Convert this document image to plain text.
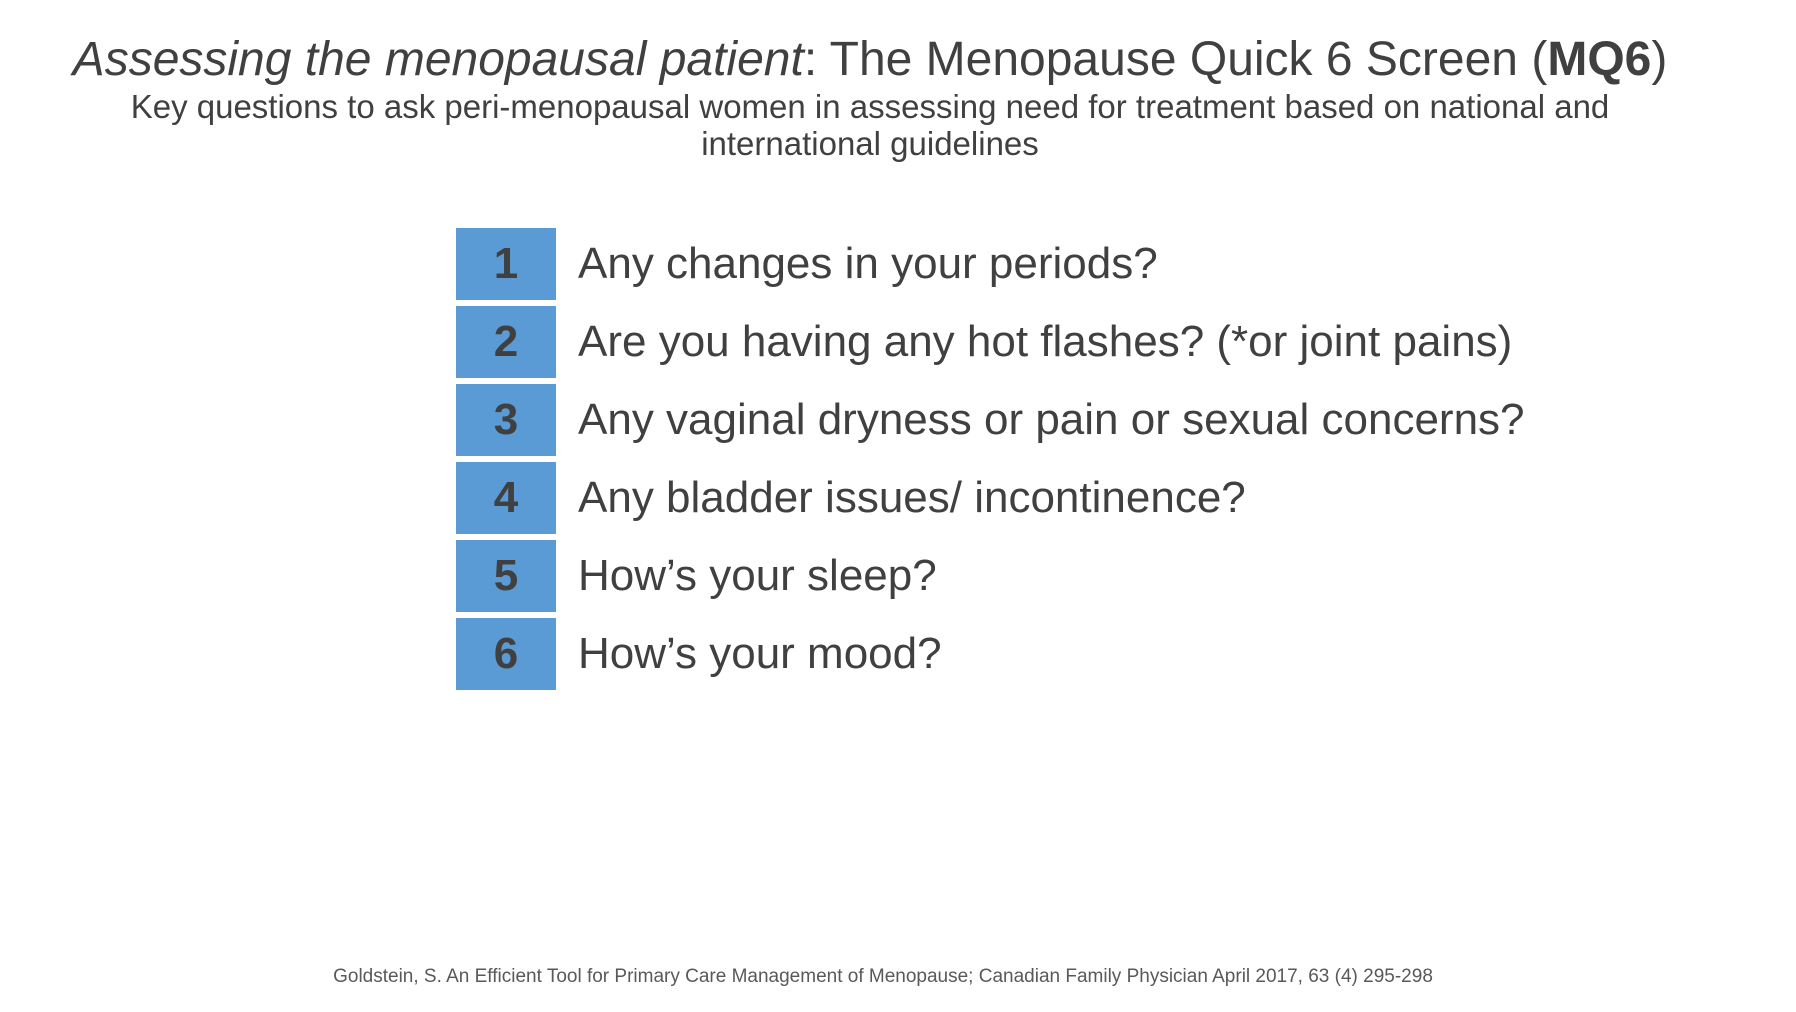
Assessing the menopausal patient: The Menopause Quick 6 Screen (MQ6)
Key questions to ask peri-menopausal women in assessing need for treatment based on national and international guidelines
1	Any changes in your periods?
2	Are you having any hot flashes? (*or joint pains)
3	Any vaginal dryness or pain or sexual concerns?
4	Any bladder issues/ incontinence?
5	How’s your sleep?
6	How’s your mood?
Goldstein, S. An Efficient Tool for Primary Care Management of Menopause; Canadian Family Physician April 2017, 63 (4) 295-298
